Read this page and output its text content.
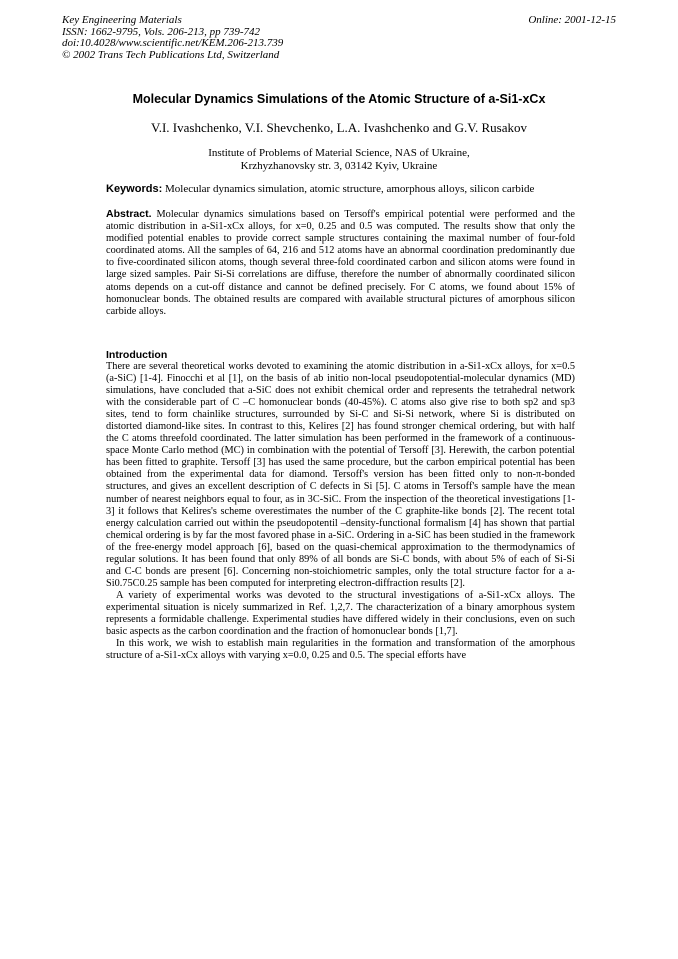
Key Engineering Materials
ISSN: 1662-9795, Vols. 206-213, pp 739-742
doi:10.4028/www.scientific.net/KEM.206-213.739
© 2002 Trans Tech Publications Ltd, Switzerland
Online: 2001-12-15
Molecular Dynamics Simulations of the Atomic Structure of a-Si1-xCx
V.I. Ivashchenko, V.I. Shevchenko, L.A. Ivashchenko and G.V. Rusakov
Institute of Problems of Material Science, NAS of Ukraine,
Krzhyzhanovsky str. 3, 03142 Kyiv, Ukraine
Keywords: Molecular dynamics simulation, atomic structure, amorphous alloys, silicon carbide
Abstract. Molecular dynamics simulations based on Tersoff's empirical potential were performed and the atomic distribution in a-Si1-xCx alloys, for x=0, 0.25 and 0.5 was computed. The results show that only the modified potential enables to provide correct sample structures containing the maximal number of four-fold coordinated atoms. All the samples of 64, 216 and 512 atoms have an abnormal coordination predominantly due to five-coordinated silicon atoms, though several three-fold coordinated carbon and silicon atoms were found in large sized samples. Pair Si-Si correlations are diffuse, therefore the number of abnormally coordinated silicon atoms depends on a cut-off distance and cannot be defined precisely. For C atoms, we found about 15% of homonuclear bonds. The obtained results are compared with available structural pictures of amorphous silicon carbide alloys.
Introduction

There are several theoretical works devoted to examining the atomic distribution in a-Si1-xCx alloys, for x=0.5 (a-SiC) [1-4]. Finocchi et al [1], on the basis of ab initio non-local pseudopotential-molecular dynamics (MD) simulations, have concluded that a-SiC does not exhibit chemical order and represents the tetrahedral network with the considerable part of C –C homonuclear bonds (40-45%). C atoms also give rise to both sp2 and sp3 sites, tend to form chainlike structures, surrounded by Si-C and Si-Si network, where Si is distributed on distorted diamond-like sites. In contrast to this, Kelires [2] has found stronger chemical ordering, but with half the C atoms threefold coordinated. The latter simulation has been performed in the framework of a continuous-space Monte Carlo method (MC) in combination with the potential of Tersoff [3]. Herewith, the carbon potential has been fitted to graphite. Tersoff [3] has used the same procedure, but the carbon empirical potential has been obtained from the experimental data for diamond. Tersoff's version has been fitted only to non-π-bonded structures, and gives an excellent description of C defects in Si [5]. C atoms in Tersoff's sample have the mean number of nearest neighbors equal to four, as in 3C-SiC. From the inspection of the theoretical investigations [1-3] it follows that Kelires's scheme overestimates the number of the C graphite-like bonds [2]. The recent total energy calculation carried out within the pseudopotentil –density-functional formalism [4] has shown that partial chemical ordering is by far the most favored phase in a-SiC. Ordering in a-SiC has been studied in the framework of the free-energy model approach [6], based on the quasi-chemical approximation to the thermodynamics of regular solutions. It has been found that only 89% of all bonds are Si-C bonds, with about 5% of each of Si-Si and C-C bonds are present [6]. Concerning non-stoichiometric samples, only the total structure factor for a a-Si0.75C0.25 sample has been computed for interpreting electron-diffraction results [2].

A variety of experimental works was devoted to the structural investigations of a-Si1-xCx alloys. The experimental situation is nicely summarized in Ref. 1,2,7. The characterization of a binary amorphous system represents a formidable challenge. Experimental studies have differed widely in their conclusions, even on such basic aspects as the carbon coordination and the fraction of homonuclear bonds [1,7].

In this work, we wish to establish main regularities in the formation and transformation of the amorphous structure of a-Si1-xCx alloys with varying x=0.0, 0.25 and 0.5. The special efforts have
